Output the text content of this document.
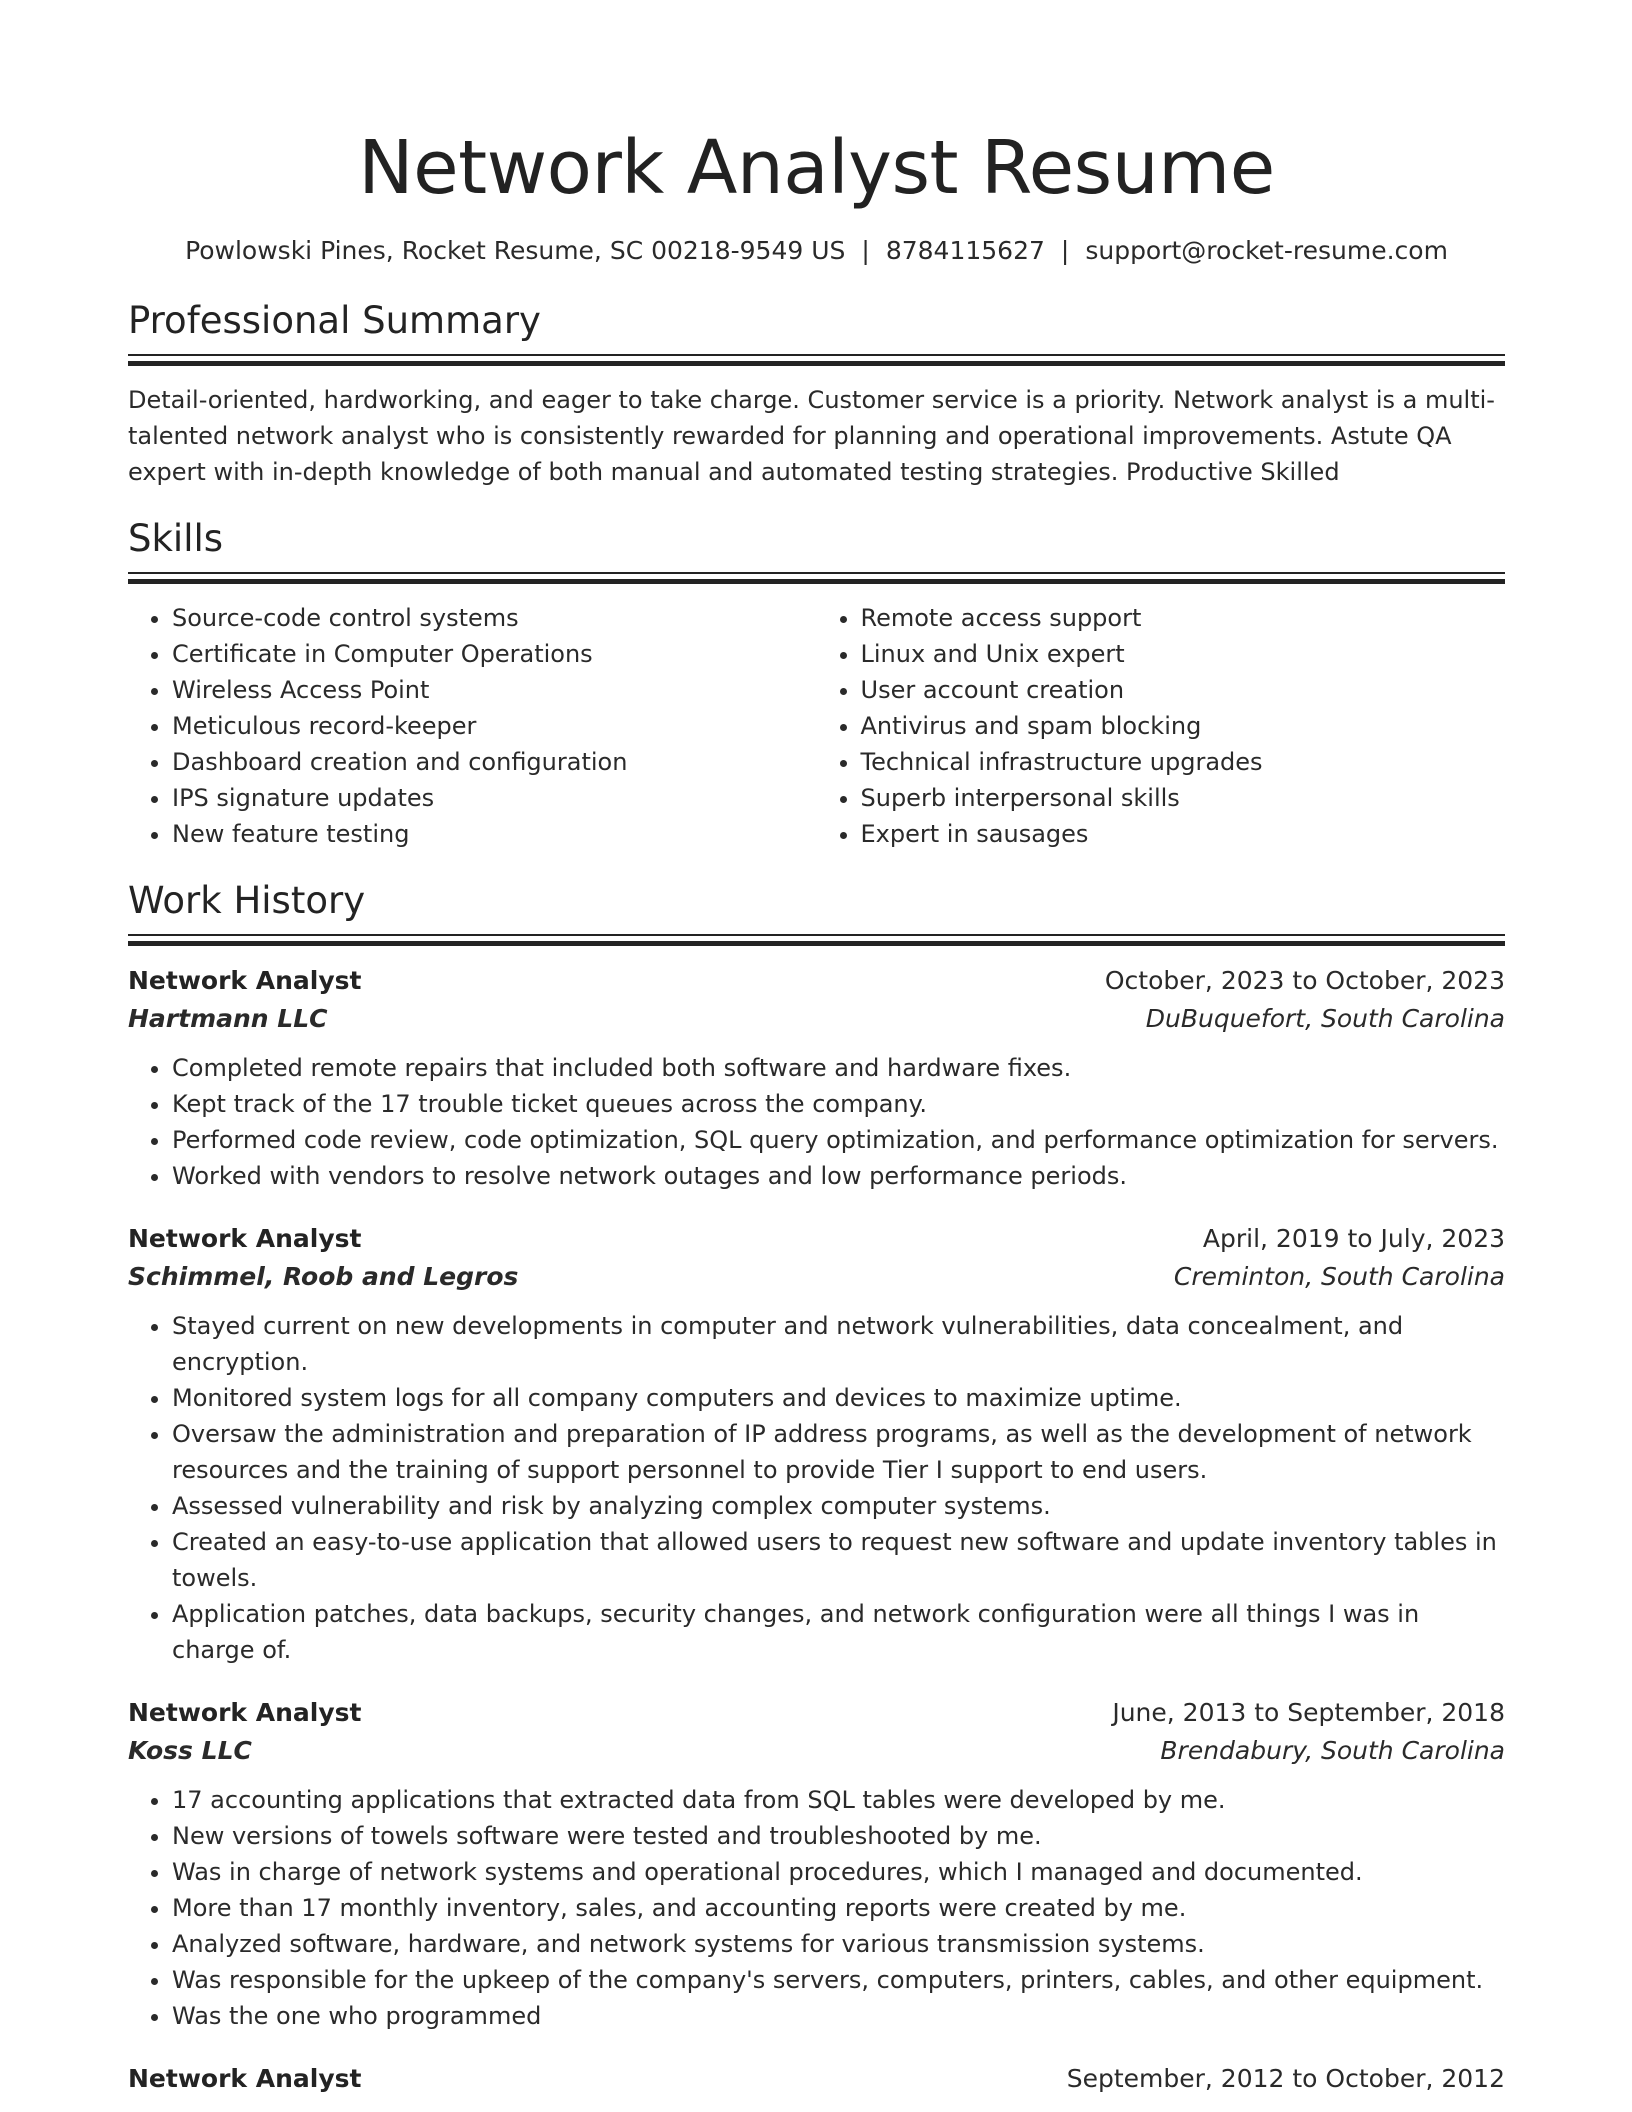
Network Analyst Resume
Powlowski Pines, Rocket Resume, SC 00218-9549 US | 8784115627 | support@rocket-resume.com
Professional Summary

Detail-oriented, hardworking, and eager to take charge. Customer service is a priority. Network analyst is a multi-talented network analyst who is consistently rewarded for planning and operational improvements. Astute QA expert with in-depth knowledge of both manual and automated testing strategies. Productive Skilled

Skills
• Source-code control systems
• Certificate in Computer Operations
• Wireless Access Point
• Meticulous record-keeper
• Dashboard creation and configuration
• IPS signature updates
• New feature testing
• Remote access support
• Linux and Unix expert
• User account creation
• Antivirus and spam blocking
• Technical infrastructure upgrades
• Superb interpersonal skills
• Expert in sausages
Work History
Network Analyst	October, 2023 to October, 2023
Hartmann LLC	DuBuquefort, South Carolina
• Completed remote repairs that included both software and hardware fixes.
• Kept track of the 17 trouble ticket queues across the company.
• Performed code review, code optimization, SQL query optimization, and performance optimization for servers.
• Worked with vendors to resolve network outages and low performance periods.
Network Analyst	April, 2019 to July, 2023
Schimmel, Roob and Legros	Creminton, South Carolina
• Stayed current on new developments in computer and network vulnerabilities, data concealment, and encryption.
• Monitored system logs for all company computers and devices to maximize uptime.
• Oversaw the administration and preparation of IP address programs, as well as the development of network resources and the training of support personnel to provide Tier I support to end users.
• Assessed vulnerability and risk by analyzing complex computer systems.
• Created an easy-to-use application that allowed users to request new software and update inventory tables in towels.
• Application patches, data backups, security changes, and network configuration were all things I was in charge of.
Network Analyst	June, 2013 to September, 2018
Koss LLC	Brendabury, South Carolina
• 17 accounting applications that extracted data from SQL tables were developed by me.
• New versions of towels software were tested and troubleshooted by me.
• Was in charge of network systems and operational procedures, which I managed and documented.
• More than 17 monthly inventory, sales, and accounting reports were created by me.
• Analyzed software, hardware, and network systems for various transmission systems.
• Was responsible for the upkeep of the company's servers, computers, printers, cables, and other equipment.
• Was the one who programmed
Network Analyst	September, 2012 to October, 2012
